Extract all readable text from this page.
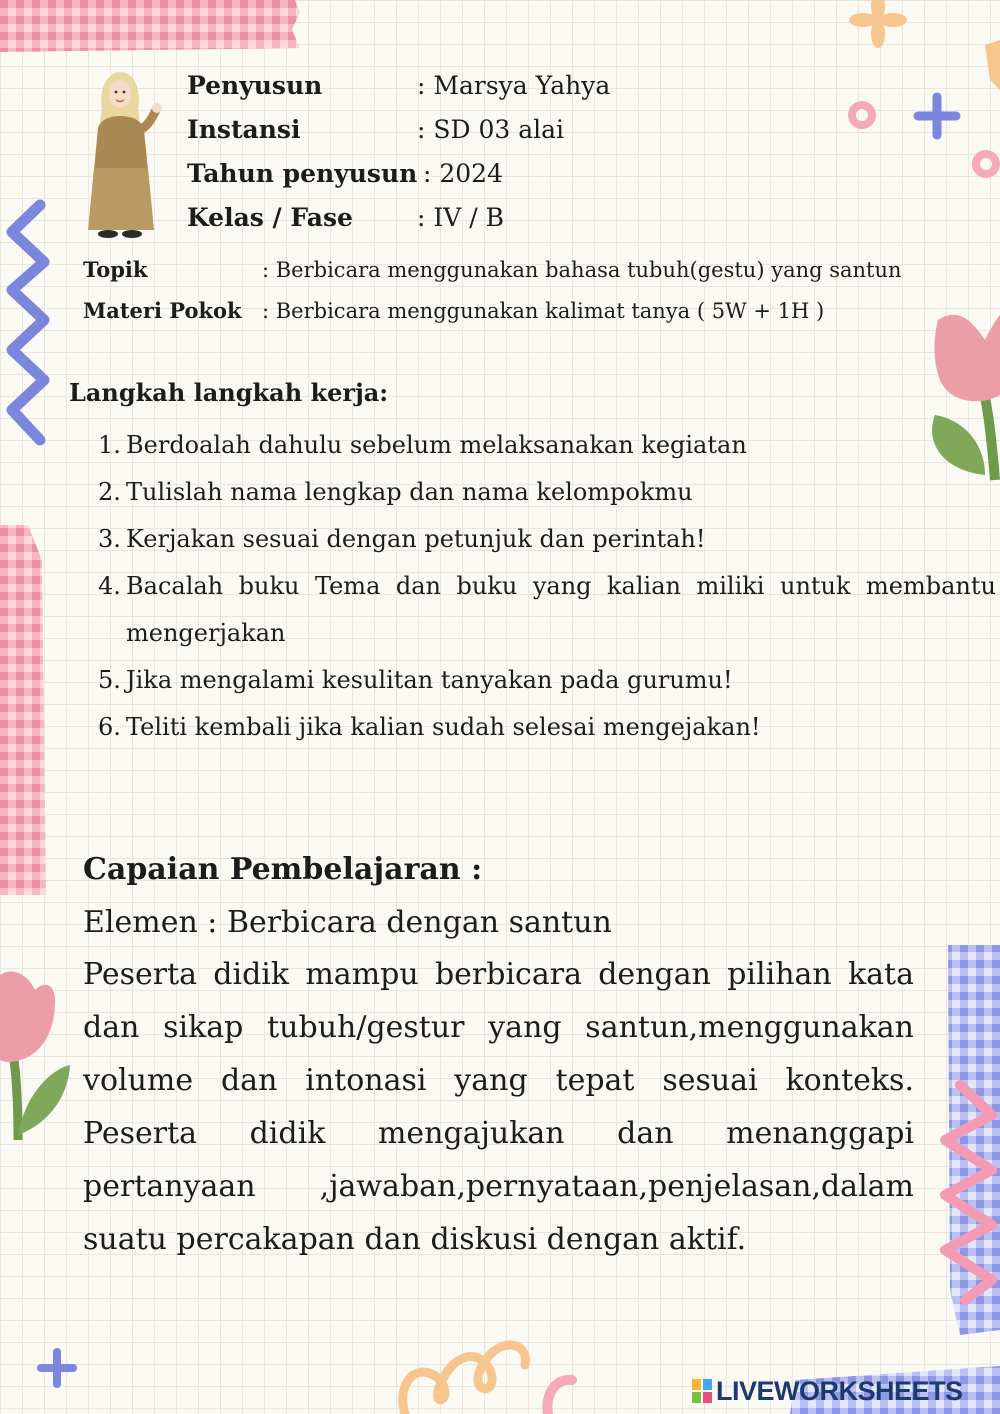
Penyusun	: Marsya Yahya
Instansi	: SD 03 alai
Tahun penyusun : 2024
Kelas / Fase	: IV / B
Topik	: Berbicara menggunakan bahasa tubuh(gestu) yang santun
Materi Pokok : Berbicara menggunakan kalimat tanya ( 5W + 1H )
Langkah langkah kerja:
1. Berdoalah dahulu sebelum melaksanakan kegiatan
2. Tulislah nama lengkap dan nama kelompokmu
3. Kerjakan sesuai dengan petunjuk dan perintah!
4. Bacalah buku Tema dan buku yang kalian miliki untuk membantu mengerjakan
5. Jika mengalami kesulitan tanyakan pada gurumu!
6. Teliti kembali jika kalian sudah selesai mengejakan!
Capaian Pembelajaran :
Elemen : Berbicara dengan santun
Peserta didik mampu berbicara dengan pilihan kata dan sikap tubuh/gestur yang santun,menggunakan volume dan intonasi yang tepat sesuai konteks. Peserta didik mengajukan dan menanggapi pertanyaan ,jawaban,pernyataan,penjelasan,dalam suatu percakapan dan diskusi dengan aktif.
LIVEWORKSHEETS
